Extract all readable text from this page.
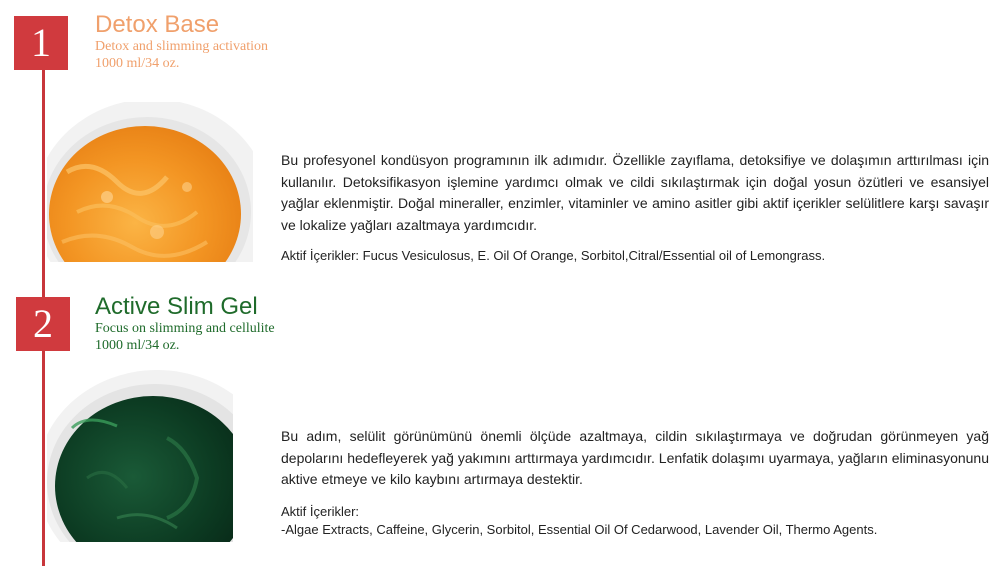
1	Detox Base
Detox and slimming activation
1000 ml/34 oz.
Bu profesyonel kondüsyon programının ilk adımıdır. Özellikle zayıflama, detoksifiye ve dolaşımın arttırılması için kullanılır. Detoksifikasyon işlemine yardımcı olmak ve cildi sıkılaştırmak için doğal yosun özütleri ve esansiyel yağlar eklenmiştir. Doğal mineraller, enzimler, vitaminler ve amino asitler gibi aktif içerikler selülitlere karşı savaşır ve lokalize yağları azaltmaya yardımcıdır.
Aktif İçerikler: Fucus Vesiculosus, E. Oil Of Orange, Sorbitol,Citral/Essential oil of Lemongrass.
2	Active Slim Gel
Focus on slimming and cellulite
1000 ml/34 oz.
Bu adım, selülit görünümünü önemli ölçüde azaltmaya, cildin sıkılaştırmaya ve doğrudan görünmeyen yağ depolarını hedefleyerek yağ yakımını arttırmaya yardımcıdır. Lenfatik dolaşımı uyarmaya, yağların eliminasyonunu aktive etmeye ve kilo kaybını artırmaya destektir.
Aktif İçerikler:
-Algae Extracts, Caffeine, Glycerin, Sorbitol, Essential Oil Of Cedarwood, Lavender Oil, Thermo Agents.
